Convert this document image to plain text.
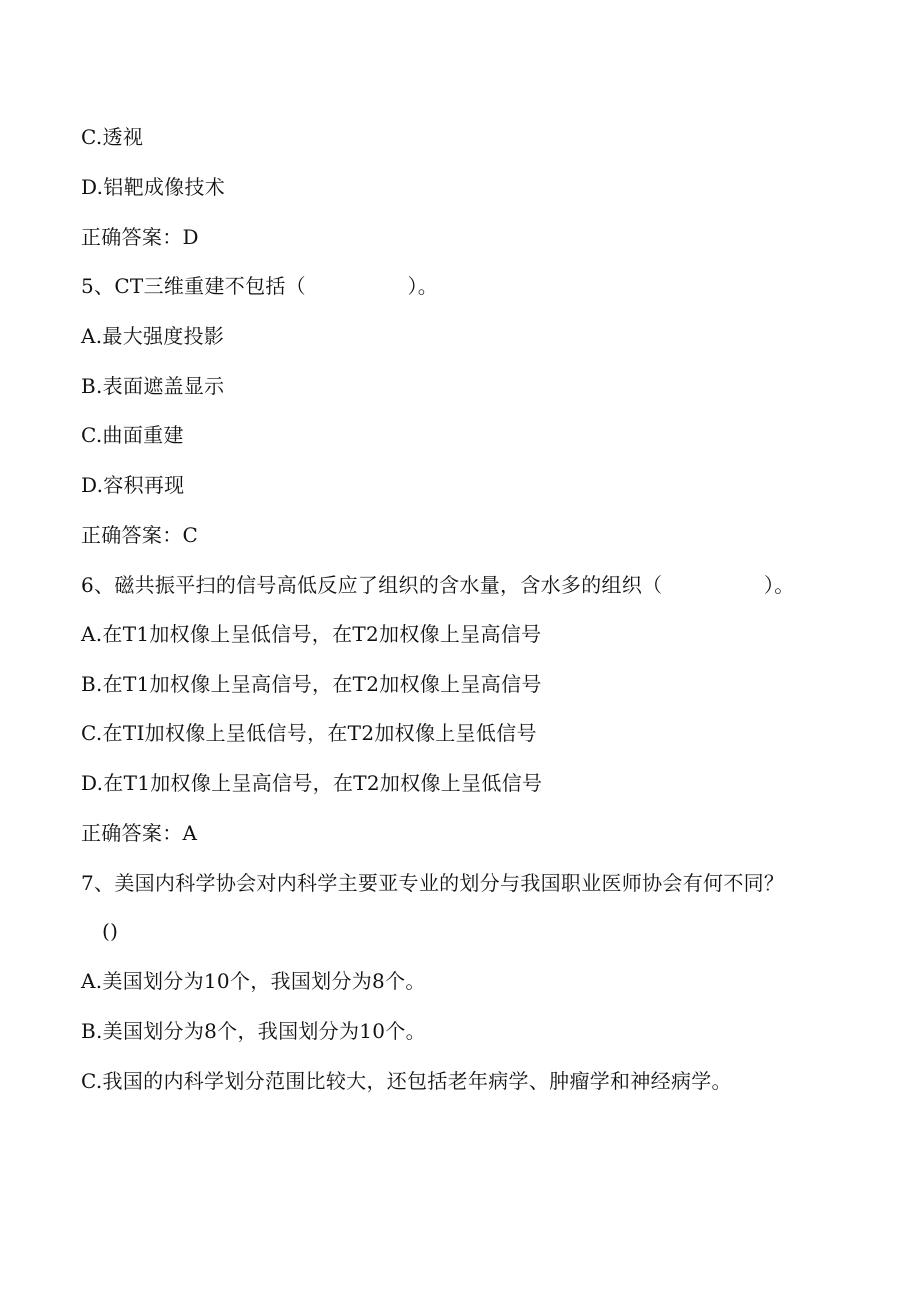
C.透视
D.铝靶成像技术
正确答案：D
5、CT三维重建不包括（　　　　　）。
A.最大强度投影
B.表面遮盖显示
C.曲面重建
D.容积再现
正确答案：C
6、磁共振平扫的信号高低反应了组织的含水量，含水多的组织（　　　　　）。
A.在T1加权像上呈低信号，在T2加权像上呈高信号
B.在T1加权像上呈高信号，在T2加权像上呈高信号
C.在TI加权像上呈低信号，在T2加权像上呈低信号
D.在T1加权像上呈高信号，在T2加权像上呈低信号
正确答案：A
7、美国内科学协会对内科学主要亚专业的划分与我国职业医师协会有何不同？
()
A.美国划分为10个，我国划分为8个。
B.美国划分为8个，我国划分为10个。
C.我国的内科学划分范围比较大，还包括老年病学、肿瘤学和神经病学。
